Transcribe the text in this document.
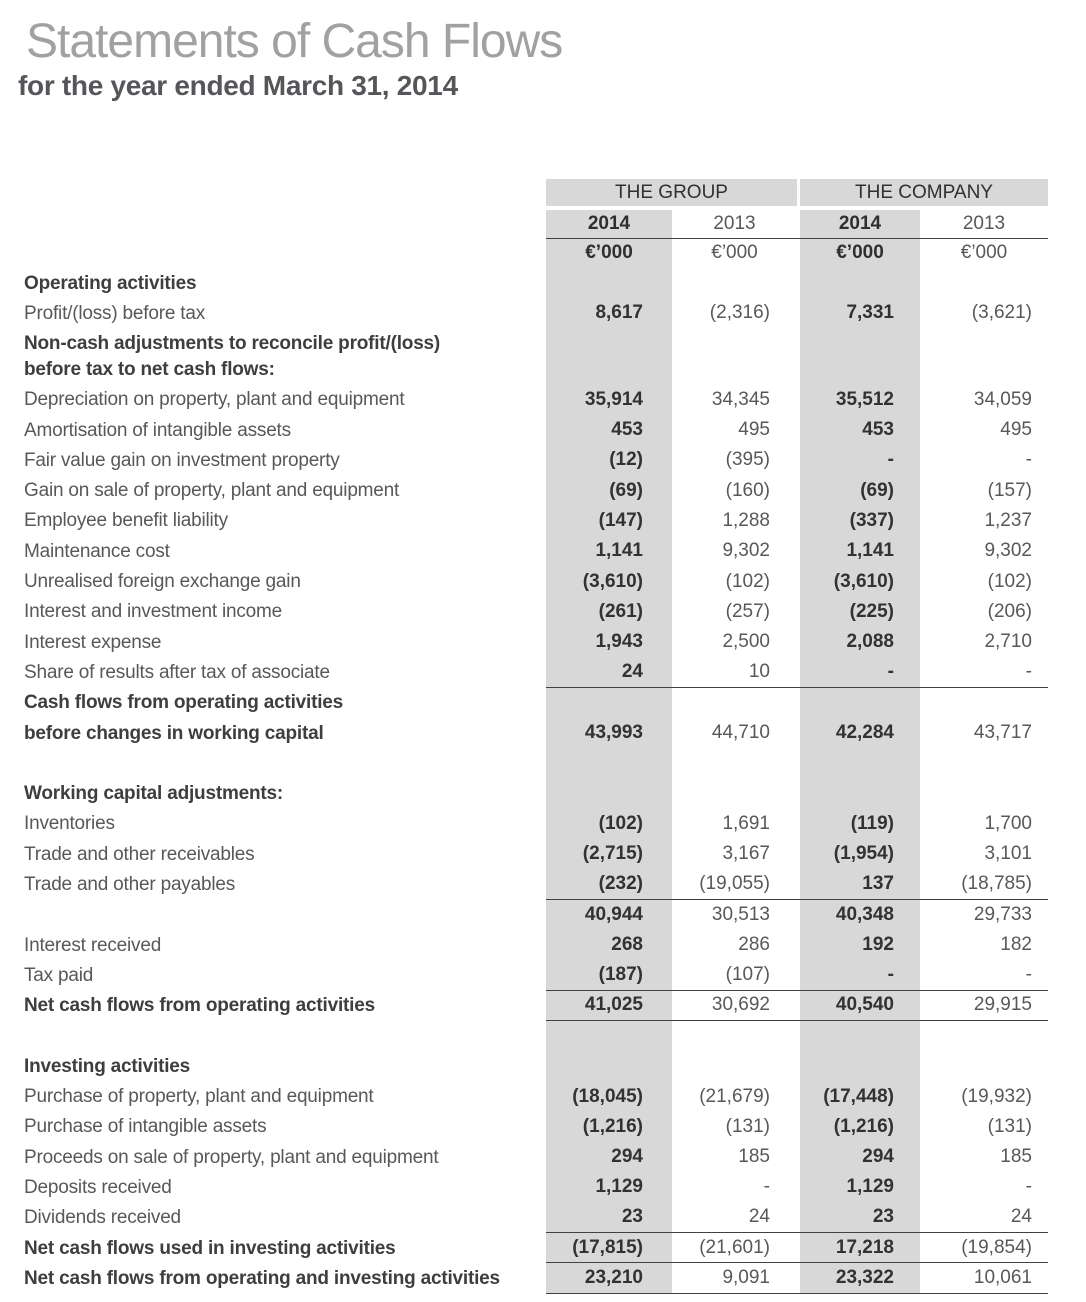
Statements of Cash Flows
for the year ended March 31, 2014
THE GROUP	THE COMPANY
2014	2013	2014	2013
€’000	€’000	€’000	€’000
Operating activities
Profit/(loss) before tax	8,617	(2,316)	7,331	(3,621)
Non-cash adjustments to reconcile profit/(loss)
before tax to net cash flows:
Depreciation on property, plant and equipment	35,914	34,345	35,512	34,059
Amortisation of intangible assets	453	495	453	495
Fair value gain on investment property	(12)	(395)	-	-
Gain on sale of property, plant and equipment	(69)	(160)	(69)	(157)
Employee benefit liability	(147)	1,288	(337)	1,237
Maintenance cost	1,141	9,302	1,141	9,302
Unrealised foreign exchange gain	(3,610)	(102)	(3,610)	(102)
Interest and investment income	(261)	(257)	(225)	(206)
Interest expense	1,943	2,500	2,088	2,710
Share of results after tax of associate	24	10	-	-
Cash flows from operating activities
before changes in working capital	43,993	44,710	42,284	43,717
Working capital adjustments:
Inventories	(102)	1,691	(119)	1,700
Trade and other receivables	(2,715)	3,167	(1,954)	3,101
Trade and other payables	(232)	(19,055)	137	(18,785)
40,944	30,513	40,348	29,733
Interest received	268	286	192	182
Tax paid	(187)	(107)	-	-
Net cash flows from operating activities	41,025	30,692	40,540	29,915
Investing activities
Purchase of property, plant and equipment	(18,045)	(21,679)	(17,448)	(19,932)
Purchase of intangible assets	(1,216)	(131)	(1,216)	(131)
Proceeds on sale of property, plant and equipment	294	185	294	185
Deposits received	1,129	-	1,129	-
Dividends received	23	24	23	24
Net cash flows used in investing activities	(17,815)	(21,601)	17,218	(19,854)
Net cash flows from operating and investing activities	23,210	9,091	23,322	10,061
